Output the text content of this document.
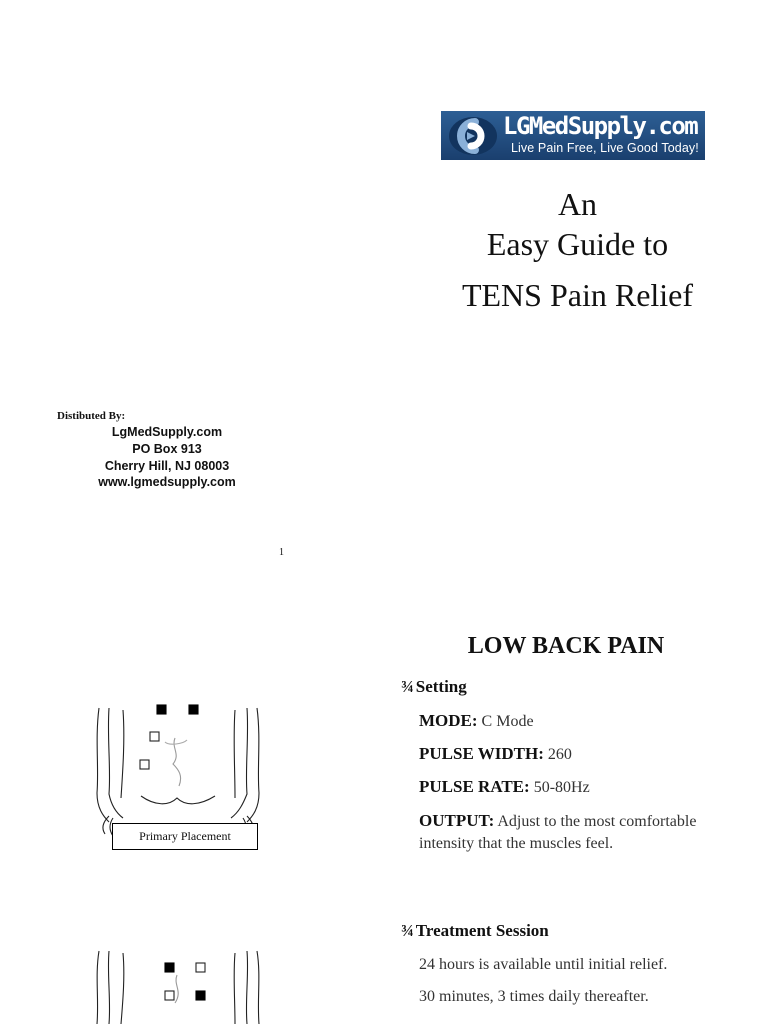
LGMedSupply.com
Live Pain Free, Live Good Today!
An
Easy Guide to
TENS Pain Relief
Distibuted By:
LgMedSupply.com
PO Box 913
Cherry Hill, NJ 08003
www.lgmedsupply.com
1
LOW BACK PAIN
¾ Setting
MODE: C Mode
PULSE WIDTH: 260
PULSE RATE: 50-80Hz
OUTPUT: Adjust to the most comfortable intensity that the muscles feel.
¾ Treatment Session
24 hours is available until initial relief.
30 minutes, 3 times daily thereafter.
Primary Placement
